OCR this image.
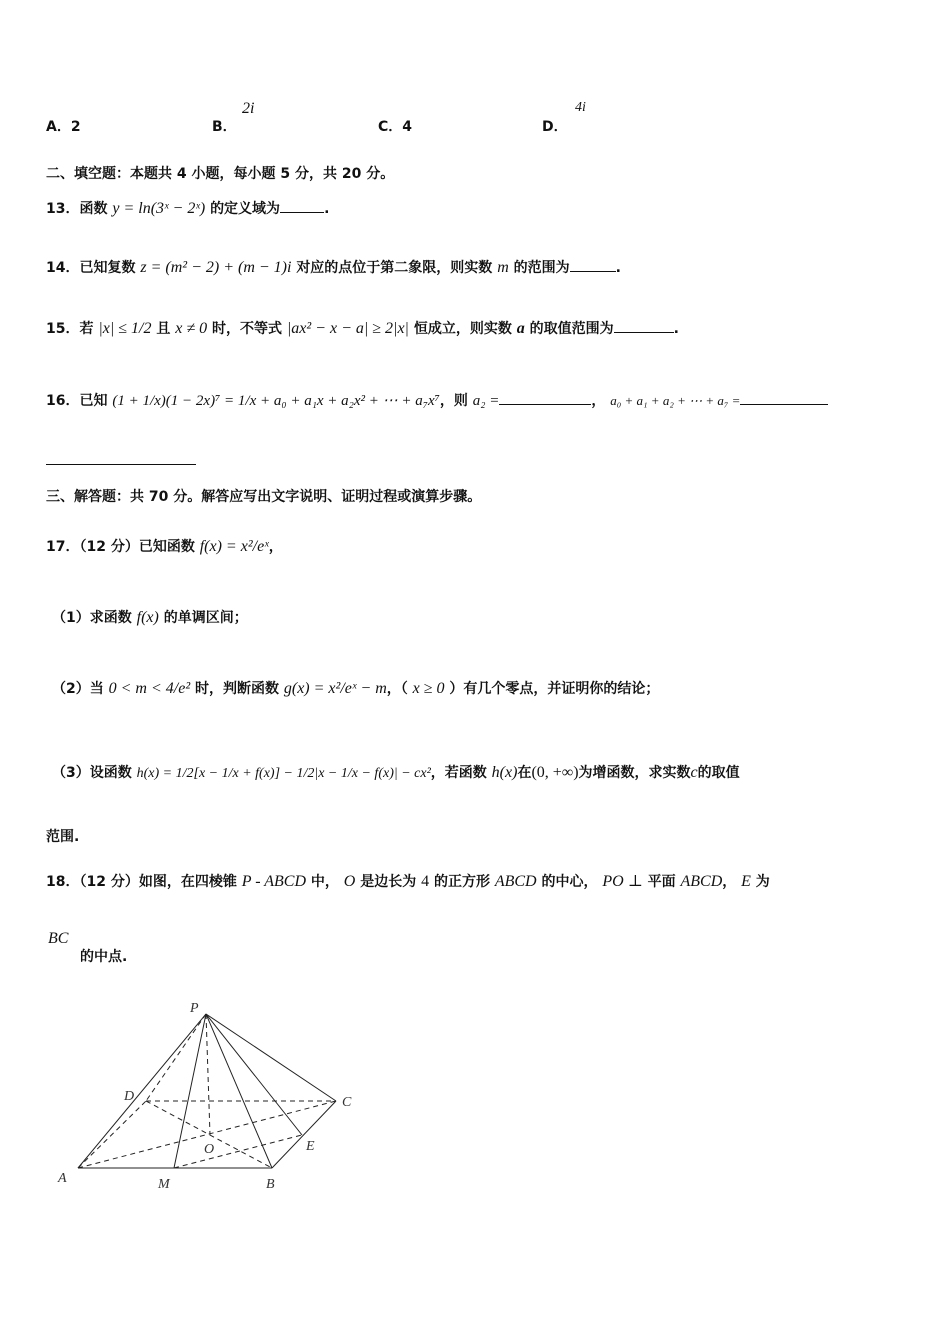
A．2	B．
2i
C．4	D．
4i
二、填空题：本题共 4 小题，每小题 5 分，共 20 分。
13．函数 y = ln(3ˣ − 2ˣ) 的定义域为	.
14．已知复数 z = (m² − 2) + (m − 1)i 对应的点位于第二象限，则实数 m 的范围为	.
15．若 |x| ≤ 1/2 且 x ≠ 0 时，不等式 |ax² − x − a| ≥ 2|x| 恒成立，则实数 a 的取值范围为	.
16．已知 (1 + 1/x)(1 − 2x)⁷ = 1/x + a₀ + a₁x + a₂x² + ⋯ + a₇x⁷，则 a₂ =	， a₀ + a₁ + a₂ + ⋯ + a₇ =
三、解答题：共 70 分。解答应写出文字说明、证明过程或演算步骤。
17．（12 分）已知函数 f(x) = x²/eˣ，
（1）求函数 f(x) 的单调区间；
（2）当 0 < m < 4/e² 时，判断函数 g(x) = x²/eˣ − m，（ x ≥ 0 ）有几个零点，并证明你的结论；
（3）设函数 h(x) = 1/2[x − 1/x + f(x)] − 1/2|x − 1/x − f(x)| − cx²，若函数 h(x)在(0, +∞)为增函数，求实数c的取值
范围.
18．（12 分）如图，在四棱锥 P - ABCD 中， O 是边长为 4 的正方形 ABCD 的中心， PO ⊥ 平面 ABCD， E 为
BC
的中点.
P
D	C
O	E
A	M	B
